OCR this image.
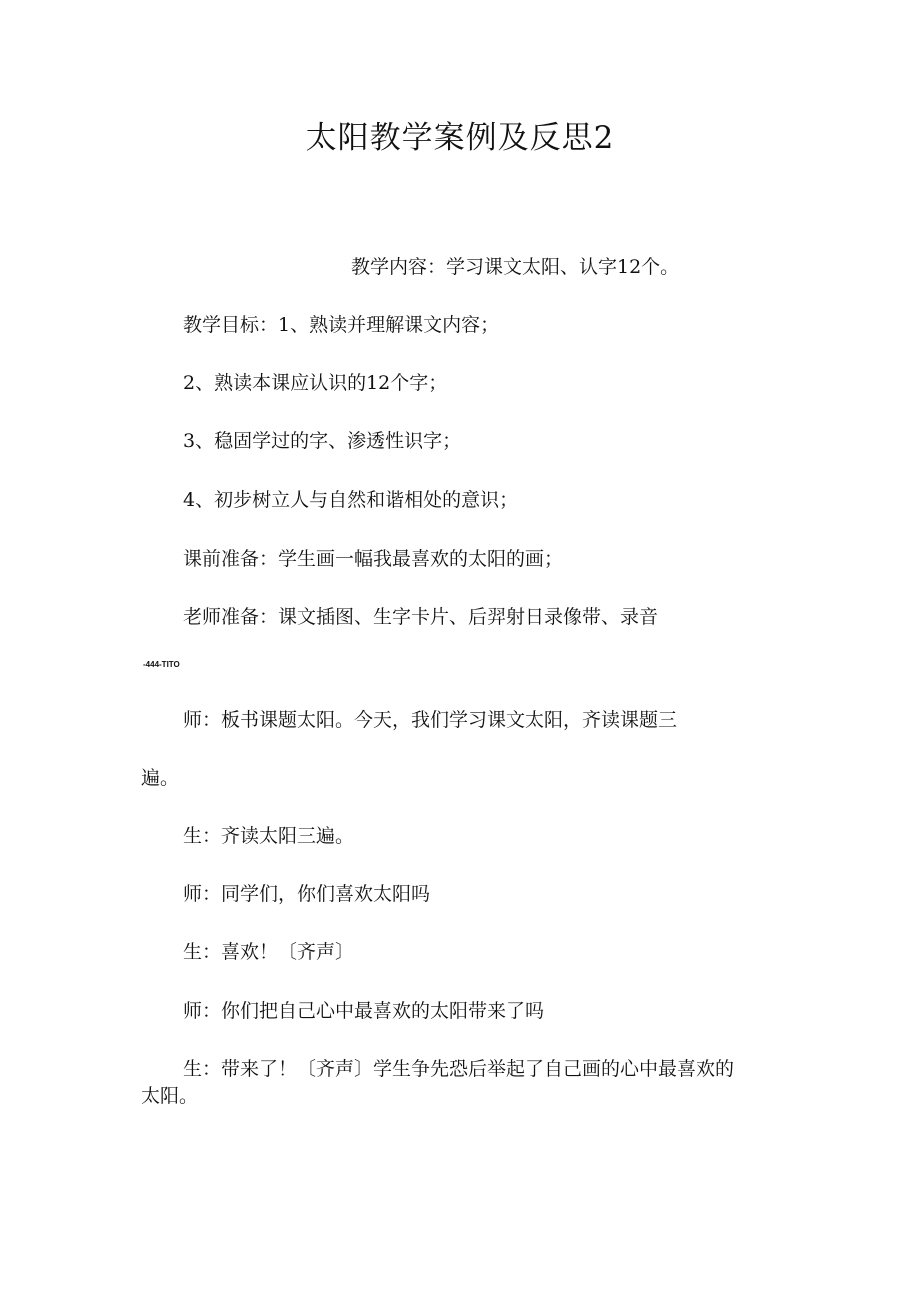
太阳教学案例及反思2
教学内容：学习课文太阳、认字12个。
教学目标：1、熟读并理解课文内容；
2、熟读本课应认识的12个字；
3、稳固学过的字、渗透性识字；
4、初步树立人与自然和谐相处的意识；
课前准备：学生画一幅我最喜欢的太阳的画；
老师准备：课文插图、生字卡片、后羿射日录像带、录音
-444-TITO
师：板书课题太阳。今天，我们学习课文太阳，齐读课题三
遍。
生：齐读太阳三遍。
师：同学们，你们喜欢太阳吗
生：喜欢！〔齐声〕
师：你们把自己心中最喜欢的太阳带来了吗
生：带来了！〔齐声〕学生争先恐后举起了自己画的心中最喜欢的
太阳。
